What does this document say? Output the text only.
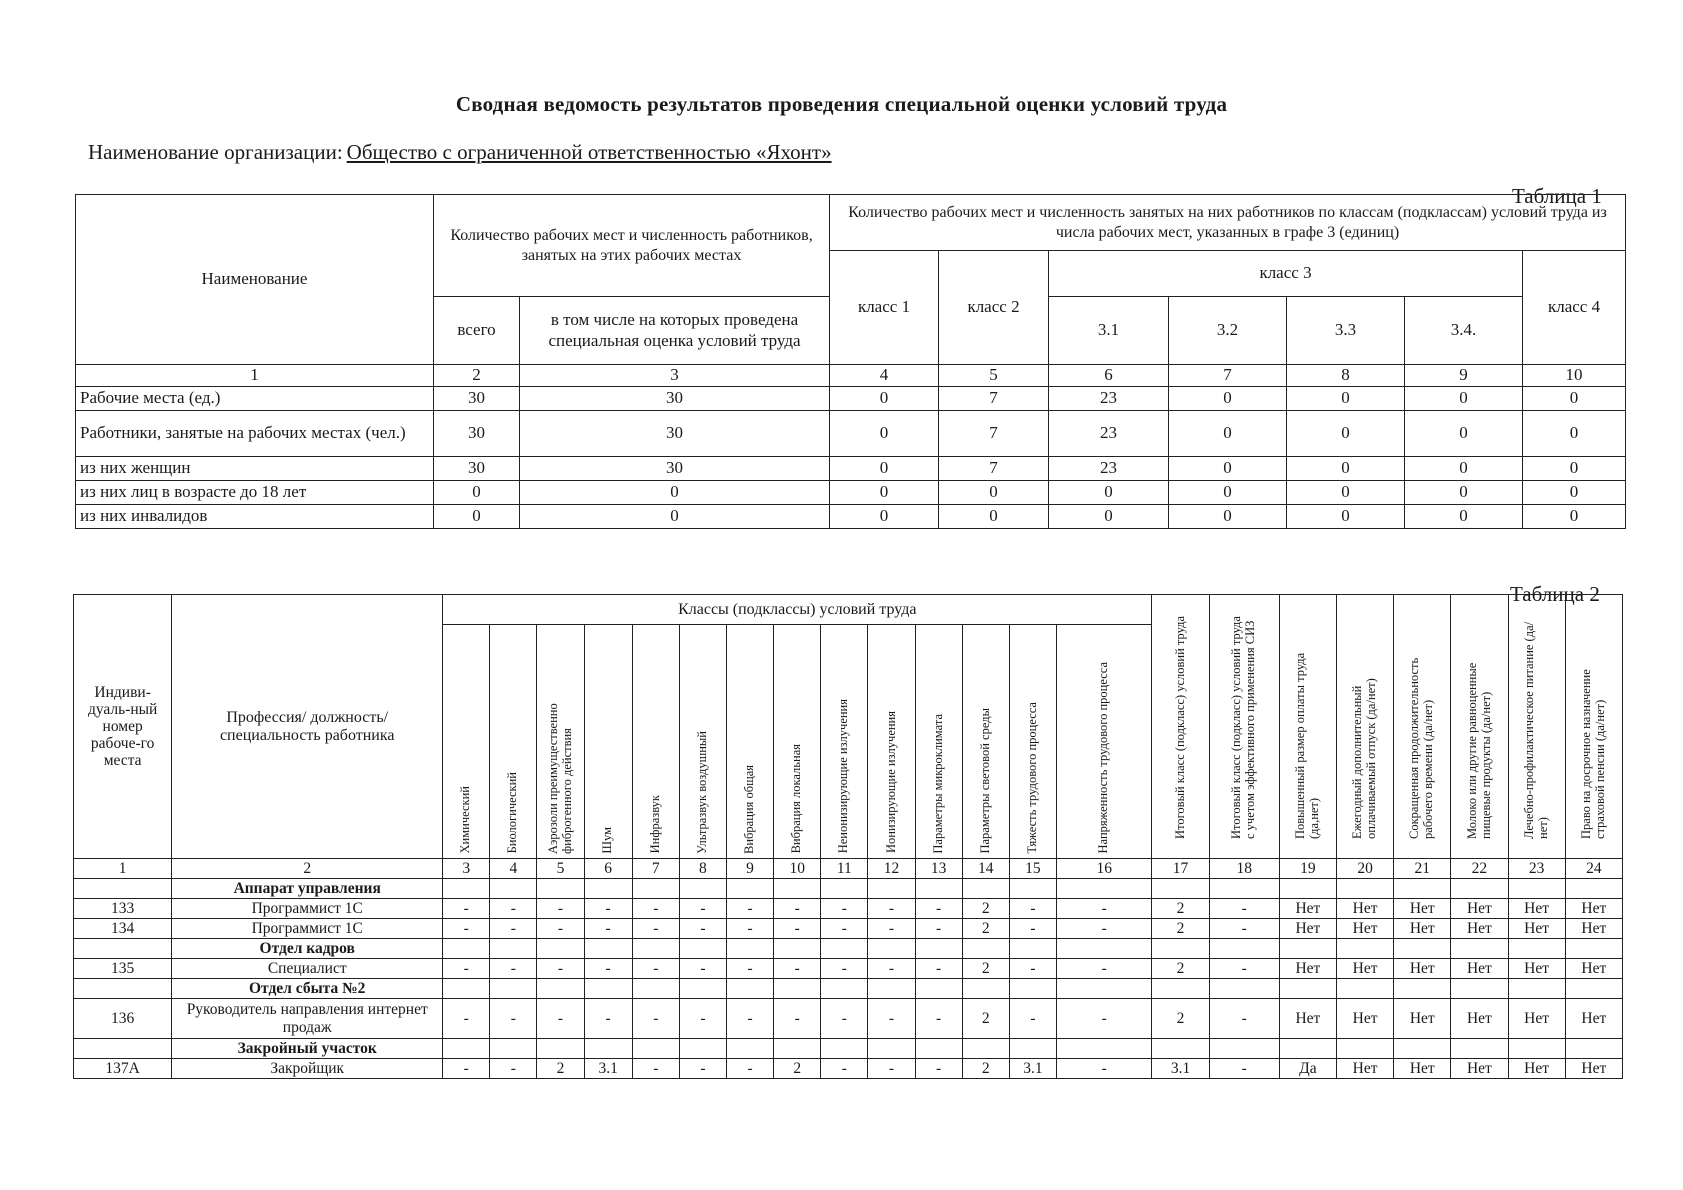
Сводная ведомость результатов проведения специальной оценки условий труда
Наименование организации: Общество с ограниченной ответственностью «Яхонт»
Таблица 1
Наименование	Количество рабочих мест и численность работников, занятых на этих рабочих местах		Количество рабочих мест и численность занятых на них работников по классам (подклассам) условий труда из числа рабочих мест, указанных в графе 3 (единиц)						
			класс 1	класс 2	класс 3				класс 4
	всего	в том числе на которых проведена специальная оценка условий труда			3.1	3.2	3.3	3.4.	
1	2	3	4	5	6	7	8	9	10
Рабочие места (ед.)	30	30	0	7	23	0	0	0	0
Работники, занятые на рабочих местах (чел.)	30	30	0	7	23	0	0	0	0
из них женщин	30	30	0	7	23	0	0	0	0
из них лиц в возрасте до 18 лет	0	0	0	0	0	0	0	0	0
из них инвалидов	0	0	0	0	0	0	0	0	0
Таблица 2
Индиви-дуаль-ный номер рабоче-го места	Профессия/ должность/ специальность работника	Классы (подклассы) условий труда														Итоговый класс (подкласс) условий труда	Итоговый класс (подкласс) условий труда с учетом эффективного применения СИЗ	Повышенный размер оплаты труда (да,нет)	Ежегодный дополнительный оплачиваемый отпуск (да/нет)	Сокращенная продолжительность рабочего времени (да/нет)	Молоко или другие равноценные пищевые продукты (да/нет)	Лечебно-профилактическое питание (да/нет)	Право на досрочное назначение страховой пенсии (да/нет)

		Химический	Биологический	Аэрозоли преимущественно фиброгенного действия	Шум	Инфразвук	Ультразвук воздушный	Вибрация общая	Вибрация локальная	Неионизирующие излучения	Ионизирующие излучения	Параметры микроклимата	Параметры световой среды	Тяжесть трудового процесса	Напряженность трудового процесса								

1	2	3	4	5	6	7	8	9	10	11	12	13	14	15	16	17	18	19	20	21	22	23	24
	Аппарат управления																						
133	Программист 1С	-	-	-	-	-	-	-	-	-	-	-	2	-	-	2	-	Нет	Нет	Нет	Нет	Нет	Нет
134	Программист 1С	-	-	-	-	-	-	-	-	-	-	-	2	-	-	2	-	Нет	Нет	Нет	Нет	Нет	Нет
	Отдел кадров																						
135	Специалист	-	-	-	-	-	-	-	-	-	-	-	2	-	-	2	-	Нет	Нет	Нет	Нет	Нет	Нет
	Отдел сбыта №2																						
136	Руководитель направления интернет продаж	-	-	-	-	-	-	-	-	-	-	-	2	-	-	2	-	Нет	Нет	Нет	Нет	Нет	Нет
	Закройный участок																						
137А	Закройщик	-	-	2	3.1	-	-	-	2	-	-	-	2	3.1	-	3.1	-	Да	Нет	Нет	Нет	Нет	Нет
